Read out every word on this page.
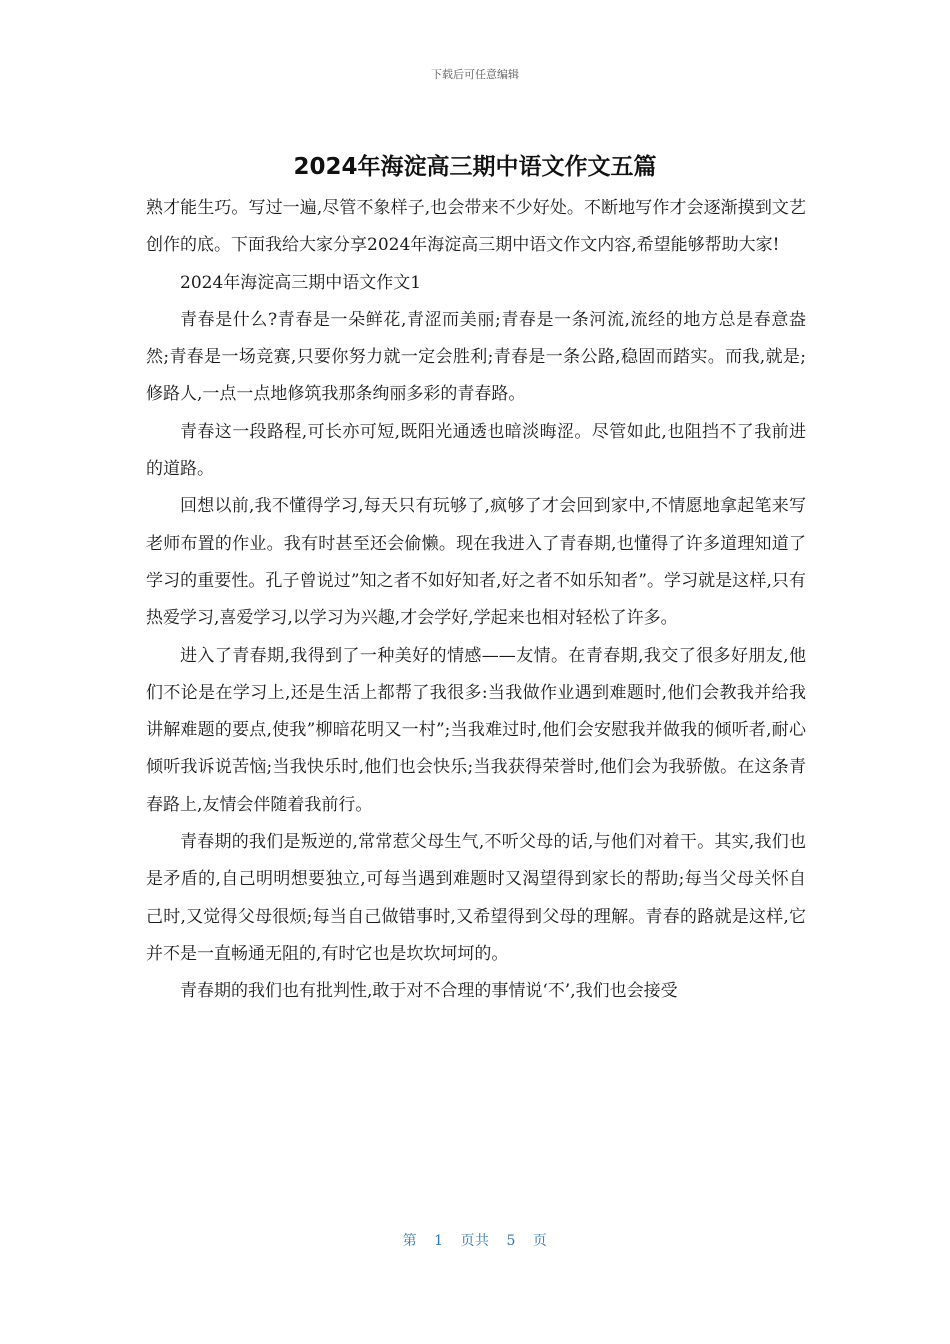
下载后可任意编辑
2024年海淀高三期中语文作文五篇

熟才能生巧。写过一遍,尽管不象样子,也会带来不少好处。不断地写作才会逐渐摸到文艺创作的底。下面我给大家分享2024年海淀高三期中语文作文内容,希望能够帮助大家!

2024年海淀高三期中语文作文1

青春是什么?青春是一朵鲜花,青涩而美丽;青春是一条河流,流经的地方总是春意盎然;青春是一场竞赛,只要你努力就一定会胜利;青春是一条公路,稳固而踏实。而我,就是;修路人,一点一点地修筑我那条绚丽多彩的青春路。

青春这一段路程,可长亦可短,既阳光通透也暗淡晦涩。尽管如此,也阻挡不了我前进的道路。

回想以前,我不懂得学习,每天只有玩够了,疯够了才会回到家中,不情愿地拿起笔来写老师布置的作业。我有时甚至还会偷懒。现在我进入了青春期,也懂得了许多道理知道了学习的重要性。孔子曾说过”知之者不如好知者,好之者不如乐知者”。学习就是这样,只有热爱学习,喜爱学习,以学习为兴趣,才会学好,学起来也相对轻松了许多。

进入了青春期,我得到了一种美好的情感——友情。在青春期,我交了很多好朋友,他们不论是在学习上,还是生活上都帮了我很多:当我做作业遇到难题时,他们会教我并给我讲解难题的要点,使我”柳暗花明又一村”;当我难过时,他们会安慰我并做我的倾听者,耐心倾听我诉说苦恼;当我快乐时,他们也会快乐;当我获得荣誉时,他们会为我骄傲。在这条青春路上,友情会伴随着我前行。

青春期的我们是叛逆的,常常惹父母生气,不听父母的话,与他们对着干。其实,我们也是矛盾的,自己明明想要独立,可每当遇到难题时又渴望得到家长的帮助;每当父母关怀自己时,又觉得父母很烦;每当自己做错事时,又希望得到父母的理解。青春的路就是这样,它并不是一直畅通无阻的,有时它也是坎坎坷坷的。

青春期的我们也有批判性,敢于对不合理的事情说‘不’,我们也会接受

第 1 页共 5 页
